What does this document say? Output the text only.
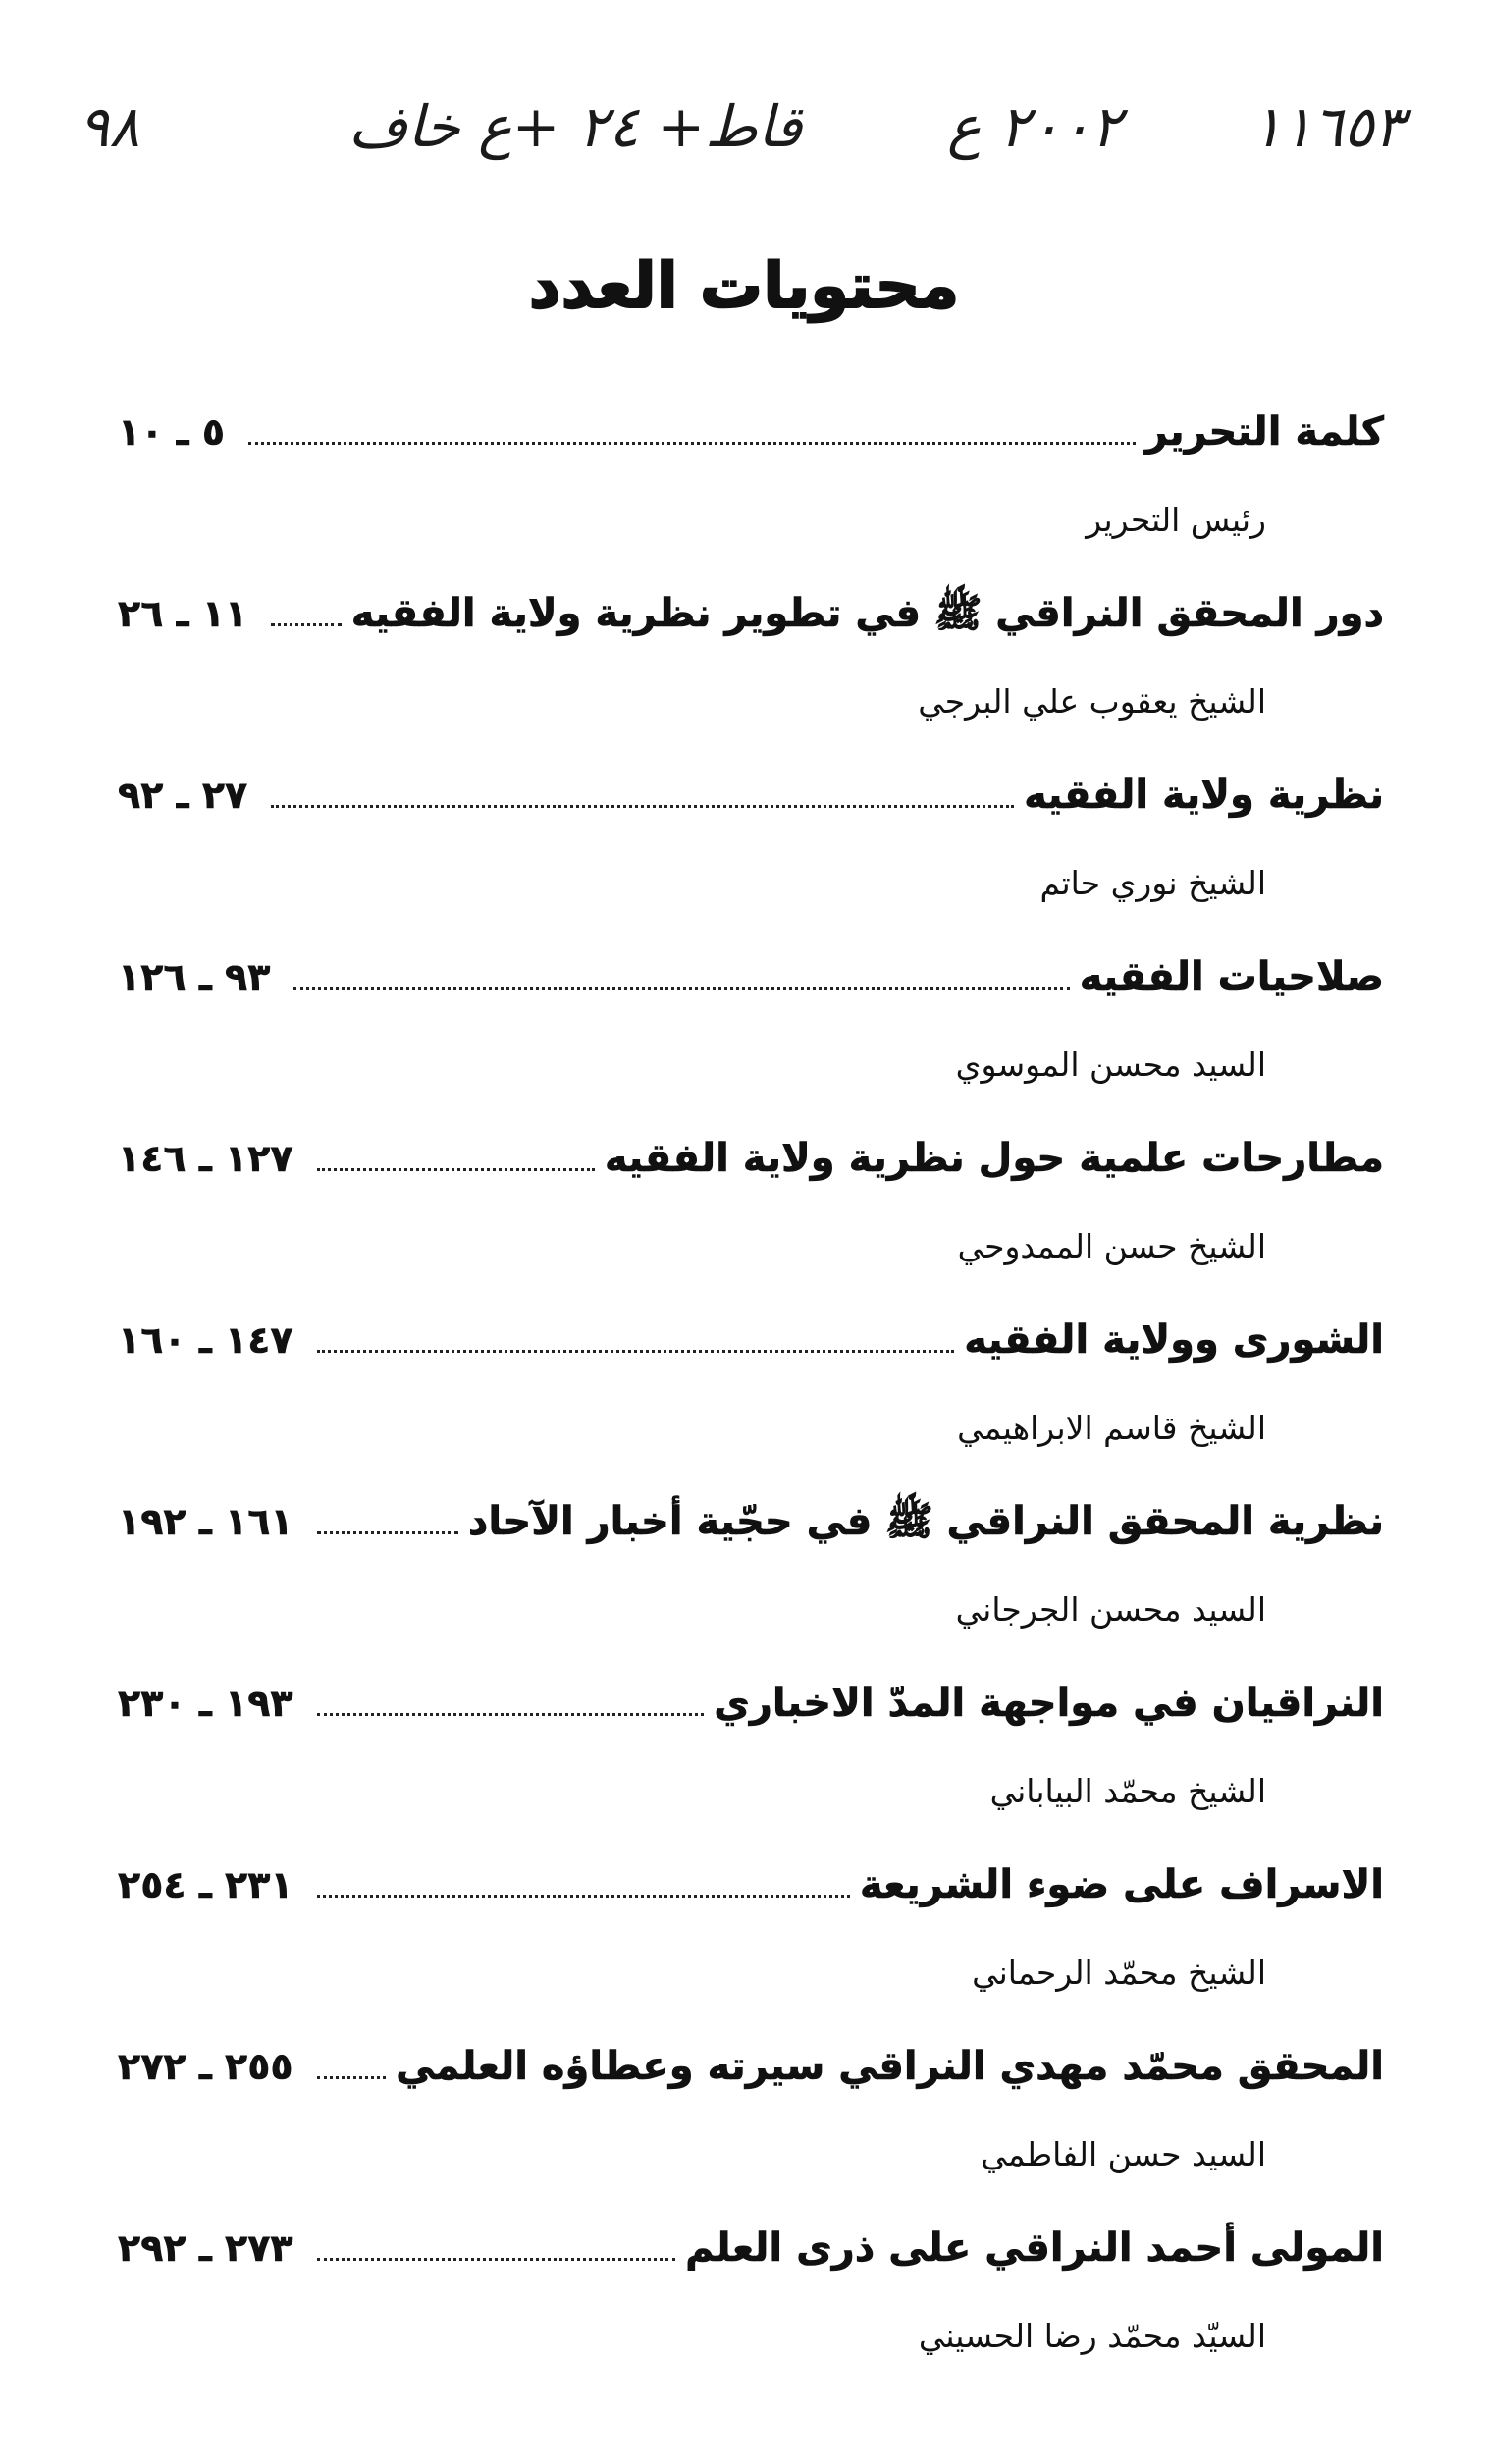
٩٨	قاط+ ٢٤ +ع خاف	٢٠٠٢ ع ١١٦٥٣
محتويات العدد
كلمة التحرير
٥ ـ ١٠
رئيس التحرير
دور المحقق النراقي ﷺ في تطوير نظرية ولاية الفقيه
١١ ـ ٢٦
الشيخ يعقوب علي البرجي
نظرية ولاية الفقيه
٢٧ ـ ٩٢
الشيخ نوري حاتم
صلاحيات الفقيه
٩٣ ـ ١٢٦
السيد محسن الموسوي
مطارحات علمية حول نظرية ولاية الفقيه
١٢٧ ـ ١٤٦
الشيخ حسن الممدوحي
الشورى وولاية الفقيه
١٤٧ ـ ١٦٠
الشيخ قاسم الابراهيمي
نظرية المحقق النراقي ﷺ في حجّية أخبار الآحاد
١٦١ ـ ١٩٢
السيد محسن الجرجاني
النراقيان في مواجهة المدّ الاخباري
١٩٣ ـ ٢٣٠
الشيخ محمّد البياباني
الاسراف على ضوء الشريعة
٢٣١ ـ ٢٥٤
الشيخ محمّد الرحماني
المحقق محمّد مهدي النراقي سيرته وعطاؤه العلمي
٢٥٥ ـ ٢٧٢
السيد حسن الفاطمي
المولى أحمد النراقي على ذرى العلم
٢٧٣ ـ ٢٩٢
السيّد محمّد رضا الحسيني
